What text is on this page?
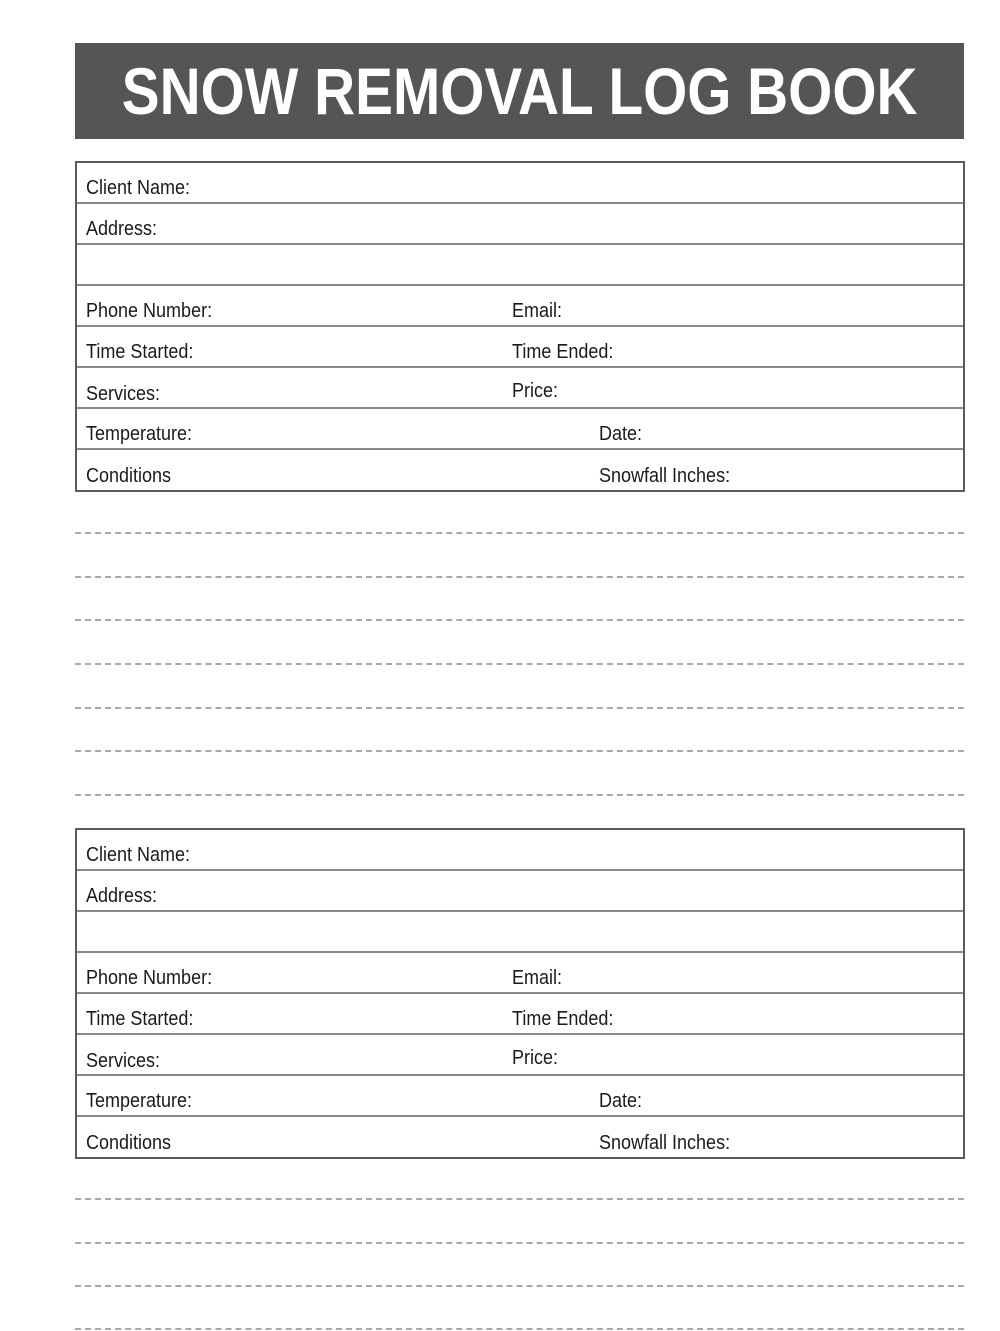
SNOW REMOVAL LOG BOOK
Client Name:
Address:
Phone Number:	Email:
Time Started:	Time Ended:
Services:	Price:
Temperature:	Date:
Conditions	Snowfall Inches:
Client Name:
Address:
Phone Number:	Email:
Time Started:	Time Ended:
Services:	Price:
Temperature:	Date:
Conditions	Snowfall Inches:
